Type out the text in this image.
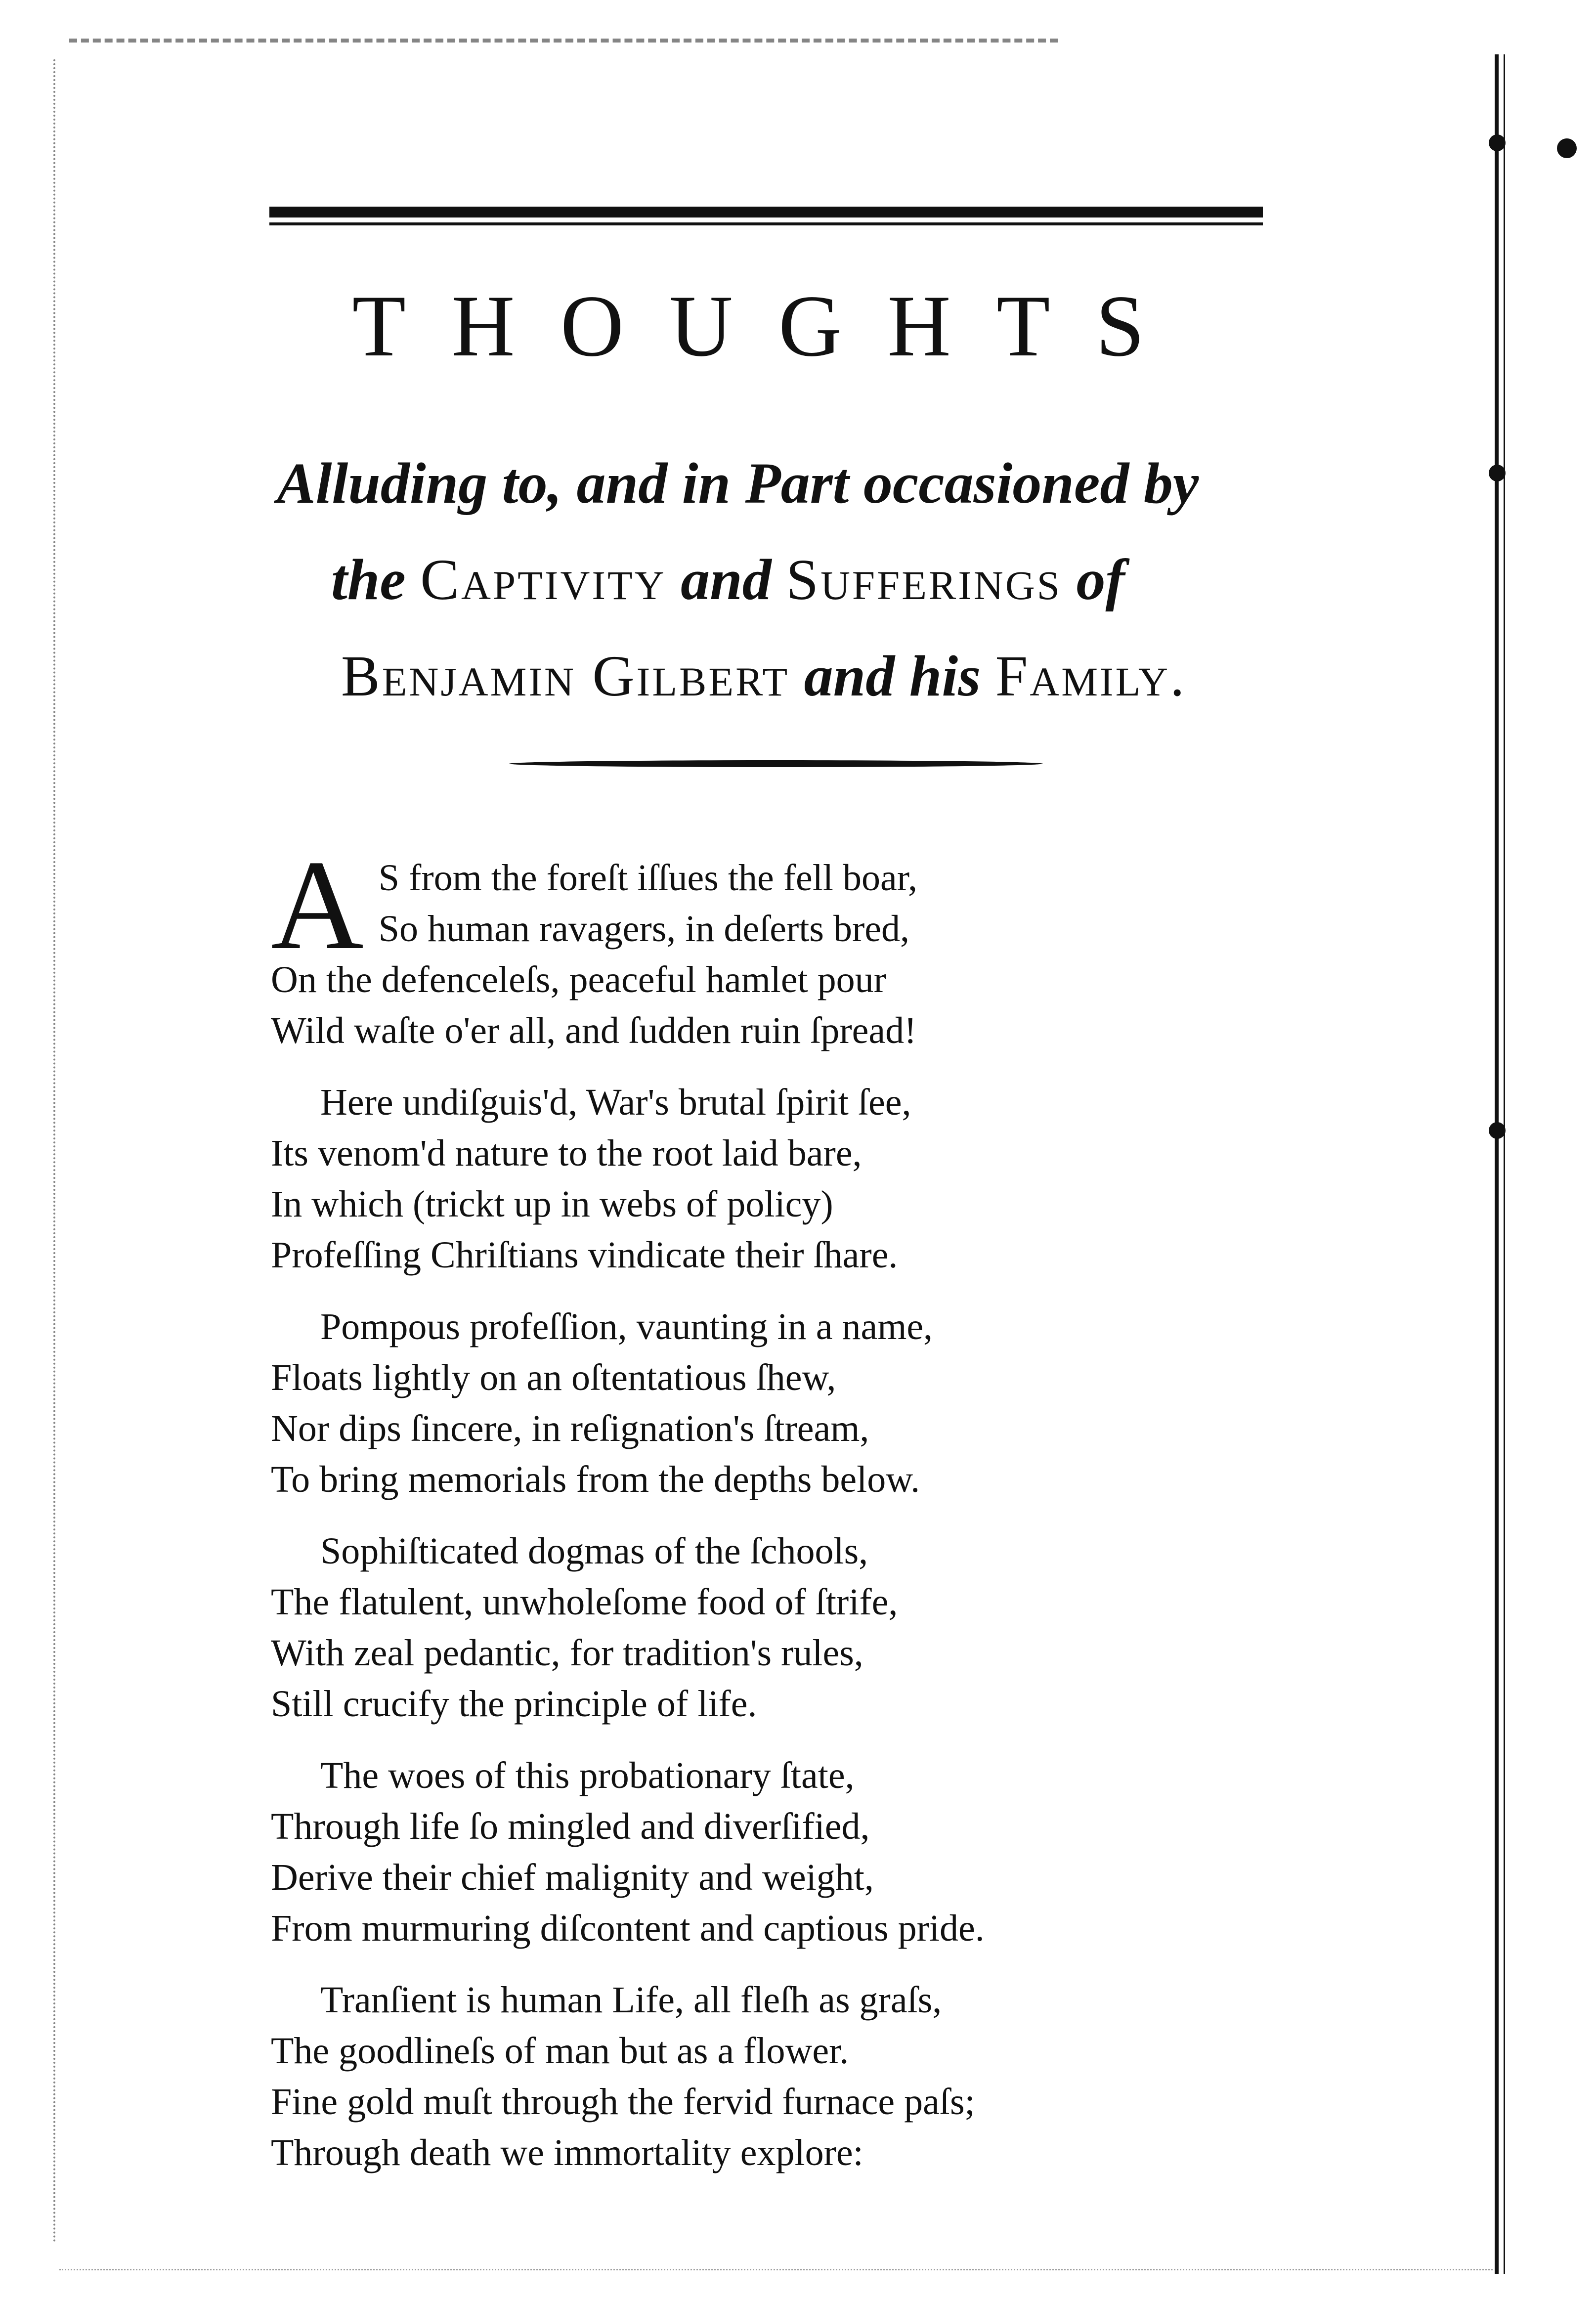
THOUGHTS
Alluding to, and in Part occasioned by
the Captivity and Sufferings of
Benjamin Gilbert and his Family.
A S from the foreſt iſſues the fell boar,
So human ravagers, in deſerts bred,
On the defenceleſs, peaceful hamlet pour
Wild waſte o'er all, and ſudden ruin ſpread!
Here undiſguis'd, War's brutal ſpirit ſee,
Its venom'd nature to the root laid bare,
In which (trickt up in webs of policy)
Profeſſing Chriſtians vindicate their ſhare.
Pompous profeſſion, vaunting in a name,
Floats lightly on an oſtentatious ſhew,
Nor dips ſincere, in reſignation's ſtream,
To bring memorials from the depths below.
Sophiſticated dogmas of the ſchools,
The flatulent, unwholeſome food of ſtrife,
With zeal pedantic, for tradition's rules,
Still crucify the principle of life.
The woes of this probationary ſtate,
Through life ſo mingled and diverſified,
Derive their chief malignity and weight,
From murmuring diſcontent and captious pride.
Tranſient is human Life, all fleſh as graſs,
The goodlineſs of man but as a flower.
Fine gold muſt through the fervid furnace paſs;
Through death we immortality explore:
